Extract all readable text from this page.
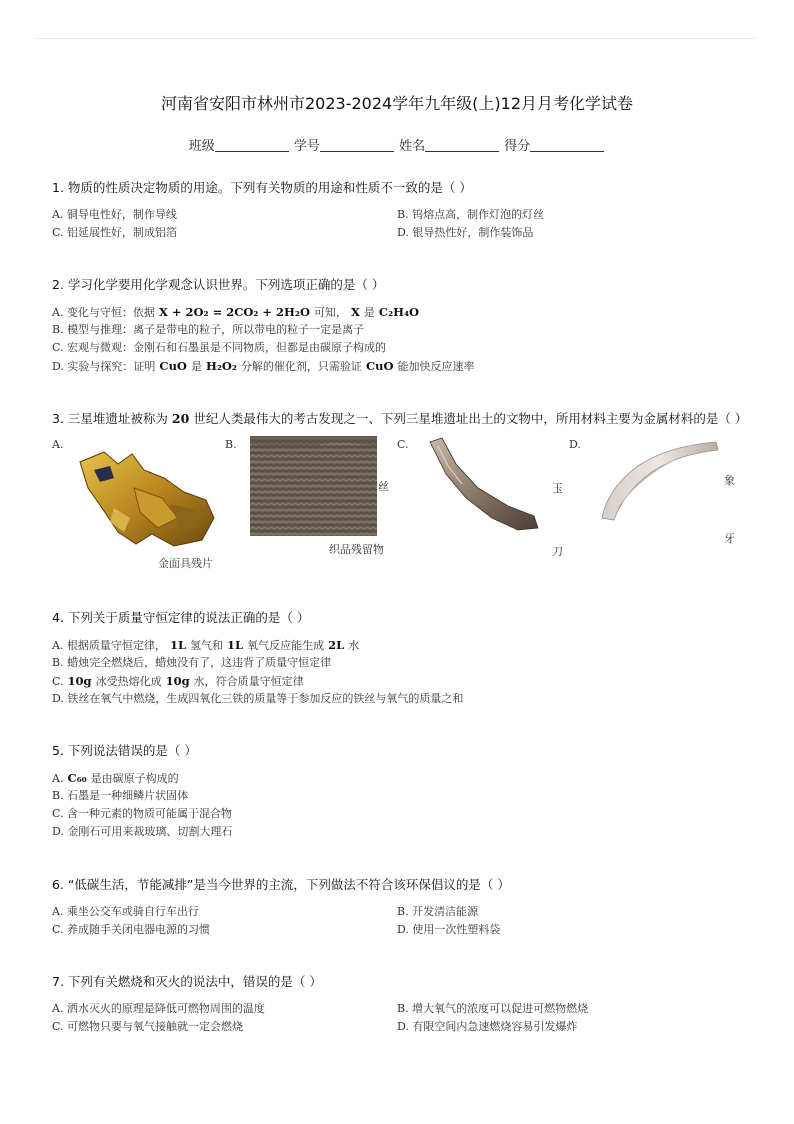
河南省安阳市林州市2023-2024学年九年级(上)12月月考化学试卷
班级	学号	姓名	得分
1. 物质的性质决定物质的用途。下列有关物质的用途和性质不一致的是（ ）
A. 铜导电性好，制作导线	B. 钨熔点高，制作灯泡的灯丝
C. 铝延展性好，制成铝箔	D. 银导热性好，制作装饰品
2. 学习化学要用化学观念认识世界。下列选项正确的是（ ）
A. 变化与守恒：依据 X + 2O₂ = 2CO₂ + 2H₂O 可知， X 是 C₂H₄O
B. 模型与推理：离子是带电的粒子，所以带电的粒子一定是离子
C. 宏观与微观：金刚石和石墨虽是不同物质，但都是由碳原子构成的
D. 实验与探究：证明 CuO 是 H₂O₂ 分解的催化剂，只需验证 CuO 能加快反应速率
3. 三星堆遗址被称为 20 世纪人类最伟大的考古发现之一、下列三星堆遗址出土的文物中，所用材料主要为金属材料的是（ ）
A.	B.	C.	D.
金面具残片
丝
织品残留物
玉
刀
象
牙
4. 下列关于质量守恒定律的说法正确的是（ ）
A. 根据质量守恒定律， 1L 氢气和 1L 氧气反应能生成 2L 水
B. 蜡烛完全燃烧后，蜡烛没有了，这违背了质量守恒定律
C. 10g 冰受热熔化成 10g 水，符合质量守恒定律
D. 铁丝在氧气中燃烧，生成四氧化三铁的质量等于参加反应的铁丝与氧气的质量之和
5. 下列说法错误的是（ ）
A. C₆₀ 是由碳原子构成的
B. 石墨是一种细鳞片状固体
C. 含一种元素的物质可能属于混合物
D. 金刚石可用来裁玻璃、切割大理石
6. “低碳生活，节能减排”是当今世界的主流，下列做法不符合该环保倡议的是（ ）
A. 乘坐公交车或骑自行车出行	B. 开发清洁能源
C. 养成随手关闭电器电源的习惯	D. 使用一次性塑料袋
7. 下列有关燃烧和灭火的说法中，错误的是（ ）
A. 洒水灭火的原理是降低可燃物周围的温度	B. 增大氧气的浓度可以促进可燃物燃烧
C. 可燃物只要与氧气接触就一定会燃烧	D. 有限空间内急速燃烧容易引发爆炸
